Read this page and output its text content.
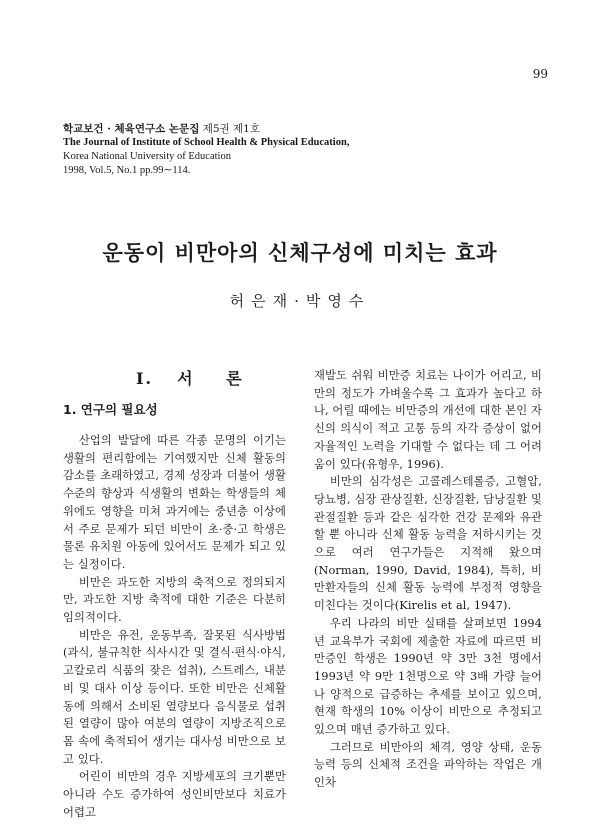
99
학교보건 · 체육연구소 논문집 제5권 제1호
The Journal of Institute of School Health & Physical Education,
Korea National University of Education
1998, Vol.5, No.1 pp.99∼114.
운동이 비만아의 신체구성에 미치는 효과
허은재·박영수
I. 서 론
1. 연구의 필요성

산업의 발달에 따른 각종 문명의 이기는 생활의 편리함에는 기여했지만 신체 활동의 감소를 초래하였고, 경제 성장과 더불어 생활 수준의 향상과 식생활의 변화는 학생들의 체위에도 영향을 미쳐 과거에는 중년층 이상에서 주로 문제가 되던 비만이 초·중·고 학생은 물론 유치원 아동에 있어서도 문제가 되고 있는 실정이다.

비만은 과도한 지방의 축적으로 정의되지만, 과도한 지방 축적에 대한 기준은 다분히 임의적이다.

비만은 유전, 운동부족, 잘못된 식사방법(과식, 불규칙한 식사시간 및 결식·편식·야식, 고칼로리 식품의 잦은 섭취), 스트레스, 내분비 및 대사 이상 등이다. 또한 비만은 신체활동에 의해서 소비된 열량보다 음식물로 섭취된 열량이 많아 여분의 열량이 지방조직으로 몸 속에 축적되어 생기는 대사성 비만으로 보고 있다.

어린이 비만의 경우 지방세포의 크기뿐만 아니라 수도 증가하여 성인비만보다 치료가 어렵고

재발도 쉬워 비만증 치료는 나이가 어리고, 비만의 정도가 가벼울수록 그 효과가 높다고 하나, 어릴 때에는 비만증의 개선에 대한 본인 자신의 의식이 적고 고통 등의 자각 증상이 없어 자율적인 노력을 기대할 수 없다는 데 그 어려움이 있다(유형우, 1996).

비만의 심각성은 고콜레스테롤증, 고혈압, 당뇨병, 심장 관상질환, 신장질환, 담낭질환 및 관절질환 등과 같은 심각한 건강 문제와 유관할 뿐 아니라 신체 활동 능력을 저하시키는 것으로 여러 연구가들은 지적해 왔으며(Norman, 1990, David, 1984), 특히, 비만환자들의 신체 활동 능력에 부정적 영향을 미친다는 것이다(Kirelis et al, 1947).

우리 나라의 비만 실태를 살펴보면 1994년 교육부가 국회에 제출한 자료에 따르면 비만증인 학생은 1990년 약 3만 3천 명에서 1993년 약 9만 1천명으로 약 3배 가량 늘어나 양적으로 급증하는 추세를 보이고 있으며, 현재 학생의 10% 이상이 비만으로 추정되고 있으며 매년 증가하고 있다.

그러므로 비만아의 체격, 영양 상태, 운동 능력 등의 신체적 조건을 파악하는 작업은 개인차
